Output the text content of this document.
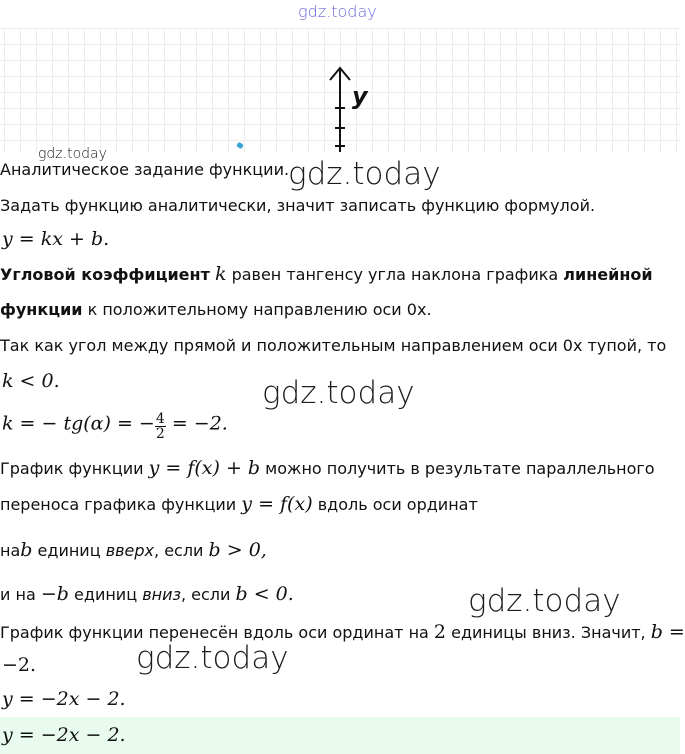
gdz.today
y
gdz.today
Аналитическое задание функции.
gdz.today
Задать функцию аналитически, значит записать функцию формулой.
y = kx + b.
Угловой коэффициент k равен тангенсу угла наклона графика линейной
функции к положительному направлению оси 0x.
Так как угол между прямой и положительным направлением оси 0x тупой, то
k < 0.	gdz.today
k = − tg(α) = − $\frac{4}{2} = -2$.
График функции y = f(x) + b можно получить в результате параллельного
переноса графика функции y = f(x) вдоль оси ординат
наb единиц вверх, если b > 0,
и на −b единиц вниз, если b < 0.	gdz.today
График функции перенесён вдоль оси ординат на 2 единицы вниз. Значит, b =
−2.	gdz.today
y = −2x − 2.
y = −2x − 2.
